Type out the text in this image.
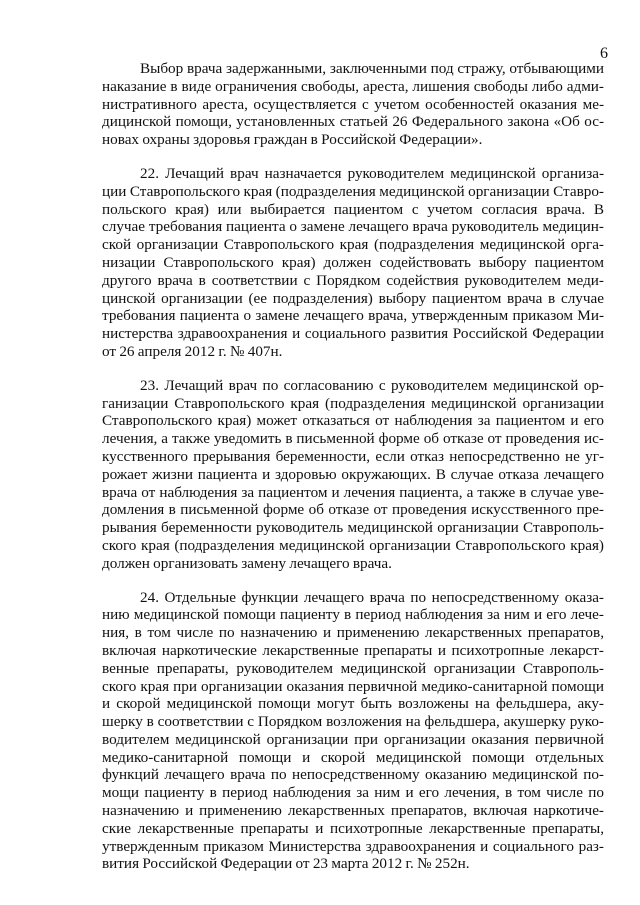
6
Выбор врача задержанными, заключенными под стражу, отбывающими
наказание в виде ограничения свободы, ареста, лишения свободы либо адми-
нистративного ареста, осуществляется с учетом особенностей оказания ме-
дицинской помощи, установленных статьей 26 Федерального закона «Об ос-
новах охраны здоровья граждан в Российской Федерации».
22. Лечащий врач назначается руководителем медицинской организа-
ции Ставропольского края (подразделения медицинской организации Ставро-
польского края) или выбирается пациентом с учетом согласия врача. В
случае требования пациента о замене лечащего врача руководитель медицин-
ской организации Ставропольского края (подразделения медицинской орга-
низации Ставропольского края) должен содействовать выбору пациентом
другого врача в соответствии с Порядком содействия руководителем меди-
цинской организации (ее подразделения) выбору пациентом врача в случае
требования пациента о замене лечащего врача, утвержденным приказом Ми-
нистерства здравоохранения и социального развития Российской Федерации
от 26 апреля 2012 г. № 407н.
23. Лечащий врач по согласованию с руководителем медицинской ор-
ганизации Ставропольского края (подразделения медицинской организации
Ставропольского края) может отказаться от наблюдения за пациентом и его
лечения, а также уведомить в письменной форме об отказе от проведения ис-
кусственного прерывания беременности, если отказ непосредственно не уг-
рожает жизни пациента и здоровью окружающих. В случае отказа лечащего
врача от наблюдения за пациентом и лечения пациента, а также в случае уве-
домления в письменной форме об отказе от проведения искусственного пре-
рывания беременности руководитель медицинской организации Ставрополь-
ского края (подразделения медицинской организации Ставропольского края)
должен организовать замену лечащего врача.
24. Отдельные функции лечащего врача по непосредственному оказа-
нию медицинской помощи пациенту в период наблюдения за ним и его лече-
ния, в том числе по назначению и применению лекарственных препаратов,
включая наркотические лекарственные препараты и психотропные лекарст-
венные препараты, руководителем медицинской организации Ставрополь-
ского края при организации оказания первичной медико-санитарной помощи
и скорой медицинской помощи могут быть возложены на фельдшера, аку-
шерку в соответствии с Порядком возложения на фельдшера, акушерку руко-
водителем медицинской организации при организации оказания первичной
медико-санитарной помощи и скорой медицинской помощи отдельных
функций лечащего врача по непосредственному оказанию медицинской по-
мощи пациенту в период наблюдения за ним и его лечения, в том числе по
назначению и применению лекарственных препаратов, включая наркотиче-
ские лекарственные препараты и психотропные лекарственные препараты,
утвержденным приказом Министерства здравоохранения и социального раз-
вития Российской Федерации от 23 марта 2012 г. № 252н.
